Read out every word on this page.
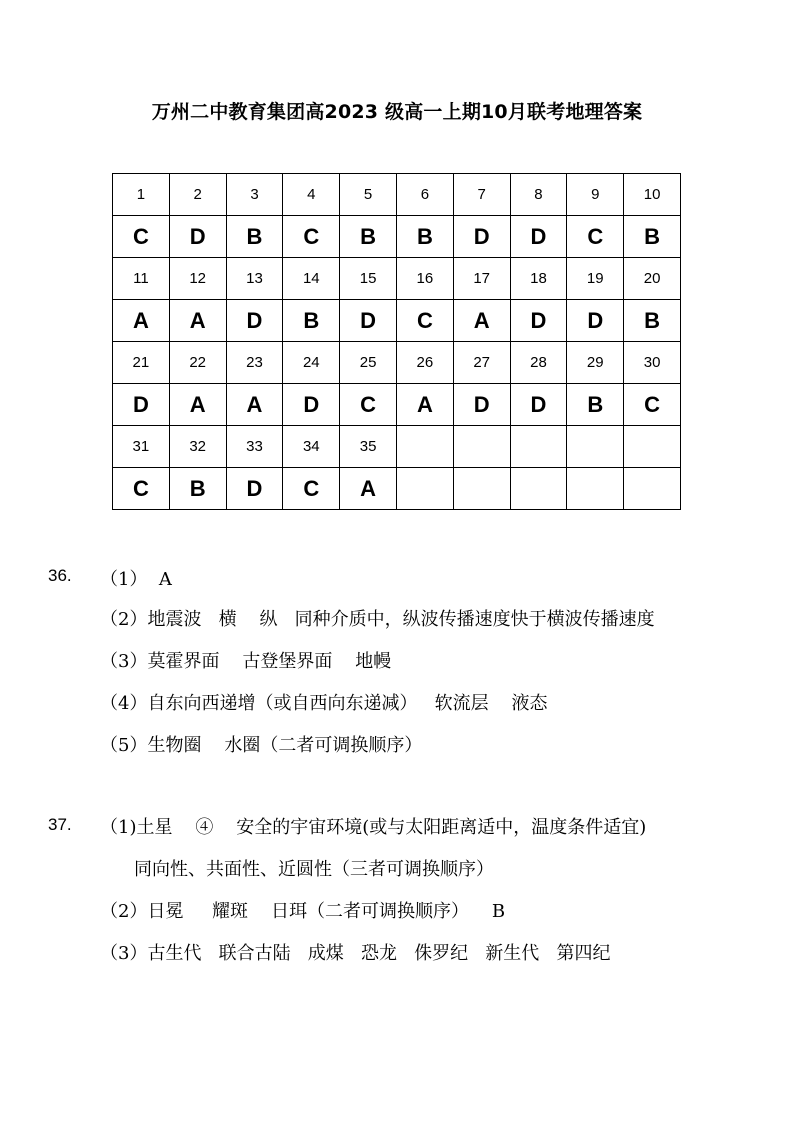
万州二中教育集团高2023 级高一上期10月联考地理答案
1	2	3	4	5	6	7	8	9	10
C	D	B	C	B	B	D	D	C	B
11	12	13	14	15	16	17	18	19	20
A	A	D	B	D	C	A	D	D	B
21	22	23	24	25	26	27	28	29	30
D	A	A	D	C	A	D	D	B	C
31	32	33	34	35					
C	B	D	C	A					
36. （1）  A
（2）地震波   横    纵   同种介质中，纵波传播速度快于横波传播速度
（3）莫霍界面    古登堡界面    地幔
（4）自东向西递增（或自西向东递减）   软流层    液态
（5）生物圈    水圈（二者可调换顺序）
37. （1)土星    ④    安全的宇宙环境(或与太阳距离适中，温度条件适宜)
同向性、共面性、近圆性（三者可调换顺序）
（2）日冕     耀斑    日珥（二者可调换顺序）    B
（3）古生代   联合古陆   成煤   恐龙   侏罗纪   新生代   第四纪
